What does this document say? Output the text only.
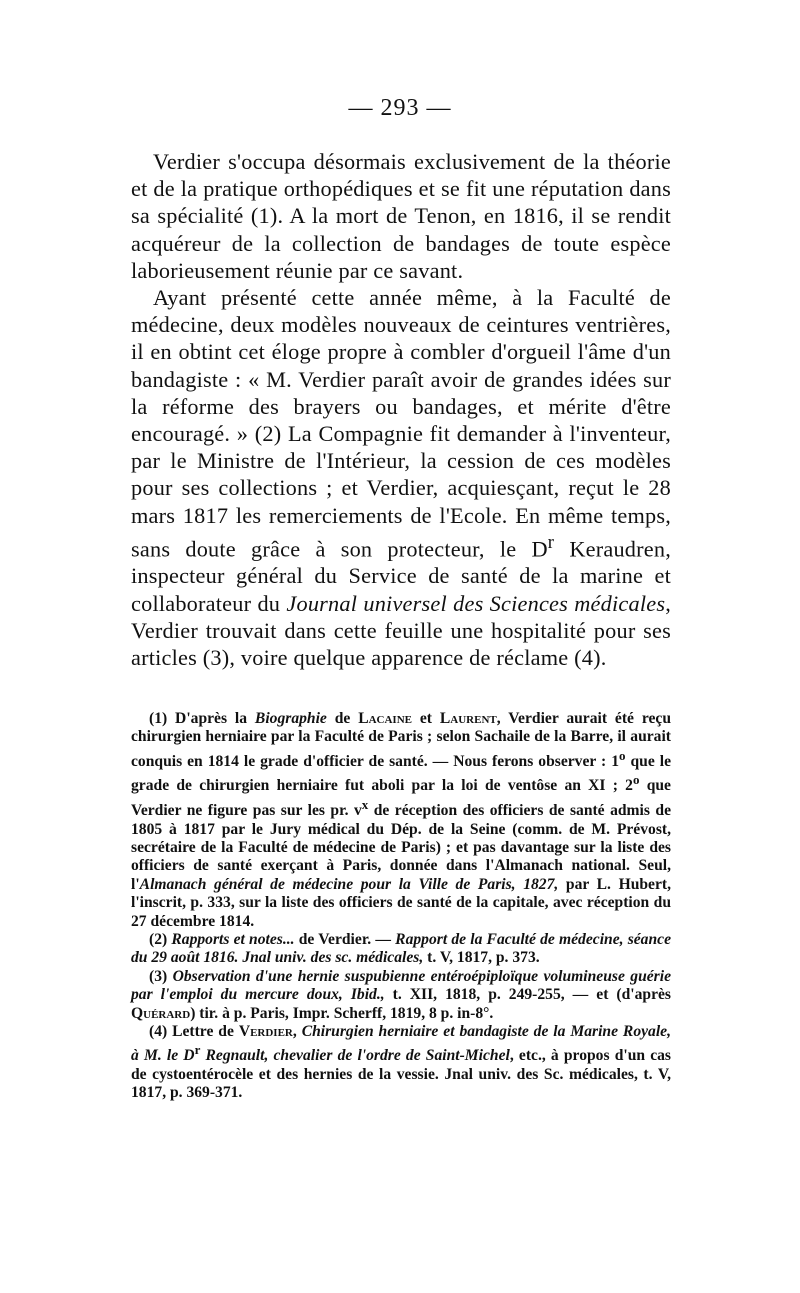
— 293 —

Verdier s'occupa désormais exclusivement de la théorie et de la pratique orthopédiques et se fit une réputation dans sa spécialité (1). A la mort de Tenon, en 1816, il se rendit acquéreur de la collection de bandages de toute espèce laborieusement réunie par ce savant.

Ayant présenté cette année même, à la Faculté de médecine, deux modèles nouveaux de ceintures ventrières, il en obtint cet éloge propre à combler d'orgueil l'âme d'un bandagiste : « M. Verdier paraît avoir de grandes idées sur la réforme des brayers ou bandages, et mérite d'être encouragé. » (2) La Compagnie fit demander à l'inventeur, par le Ministre de l'Intérieur, la cession de ces modèles pour ses collections ; et Verdier, acquiesçant, reçut le 28 mars 1817 les remerciements de l'Ecole. En même temps, sans doute grâce à son protecteur, le $D^r$ Keraudren, inspecteur général du Service de santé de la marine et collaborateur du Journal universel des Sciences médicales, Verdier trouvait dans cette feuille une hospitalité pour ses articles (3), voire quelque apparence de réclame (4).

(1) D'après la Biographie de Lacaine et Laurent, Verdier aurait été reçu chirurgien herniaire par la Faculté de Paris ; selon Sachaile de la Barre, il aurait conquis en 1814 le grade d'officier de santé. — Nous ferons observer : 1$^o$ que le grade de chirurgien herniaire fut aboli par la loi de ventôse an XI ; 2$^o$ que Verdier ne figure pas sur les pr. $v^x$ de réception des officiers de santé admis de 1805 à 1817 par le Jury médical du Dép. de la Seine (comm. de M. Prévost, secrétaire de la Faculté de médecine de Paris) ; et pas davantage sur la liste des officiers de santé exerçant à Paris, donnée dans l'Almanach national. Seul, l'Almanach général de médecine pour la Ville de Paris, 1827, par L. Hubert, l'inscrit, p. 333, sur la liste des officiers de santé de la capitale, avec réception du 27 décembre 1814.

(2) Rapports et notes... de Verdier. — Rapport de la Faculté de médecine, séance du 29 août 1816. Jnal univ. des sc. médicales, t. V, 1817, p. 373.

(3) Observation d'une hernie suspubienne entéroépiploïque volumineuse guérie par l'emploi du mercure doux, Ibid., t. XII, 1818, p. 249-255, — et (d'après Quérard) tir. à p. Paris, Impr. Scherff, 1819, 8 p. in-8°.

(4) Lettre de Verdier, Chirurgien herniaire et bandagiste de la Marine Royale, à M. le $D^r$ Regnault, chevalier de l'ordre de Saint-Michel, etc., à propos d'un cas de cystoentérocèle et des hernies de la vessie. Jnal univ. des Sc. médicales, t. V, 1817, p. 369-371.
